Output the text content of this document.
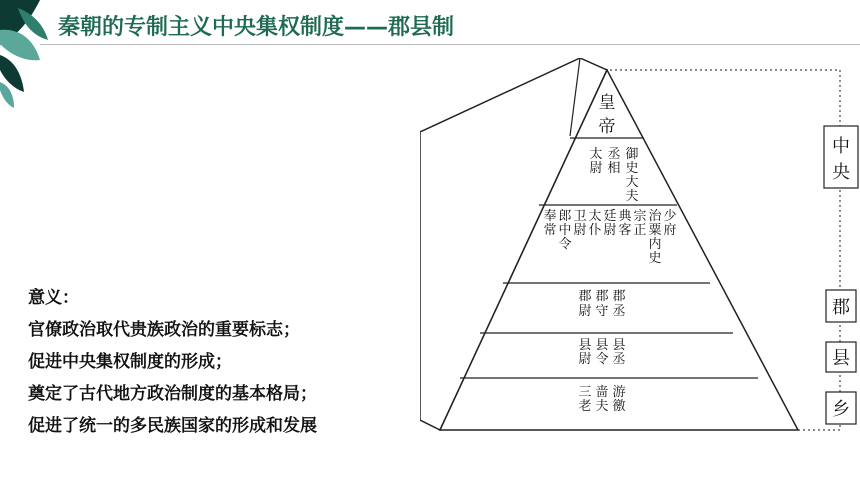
秦朝的专制主义中央集权制度——郡县制
意义：
官僚政治取代贵族政治的重要标志；
促进中央集权制度的形成；
奠定了古代地方政治制度的基本格局；
促进了统一的多民族国家的形成和发展
皇
帝
太
尉
丞
相
御
史
大
夫
奉
常
郎
中
令
卫
尉
太
仆
廷
尉
典
客
宗
正
治
粟
内
史
少
府
郡
尉
郡
守
郡
丞
县
尉
县
令
县
丞
三
老
啬
夫
游
徼
中
央
郡
县
乡
